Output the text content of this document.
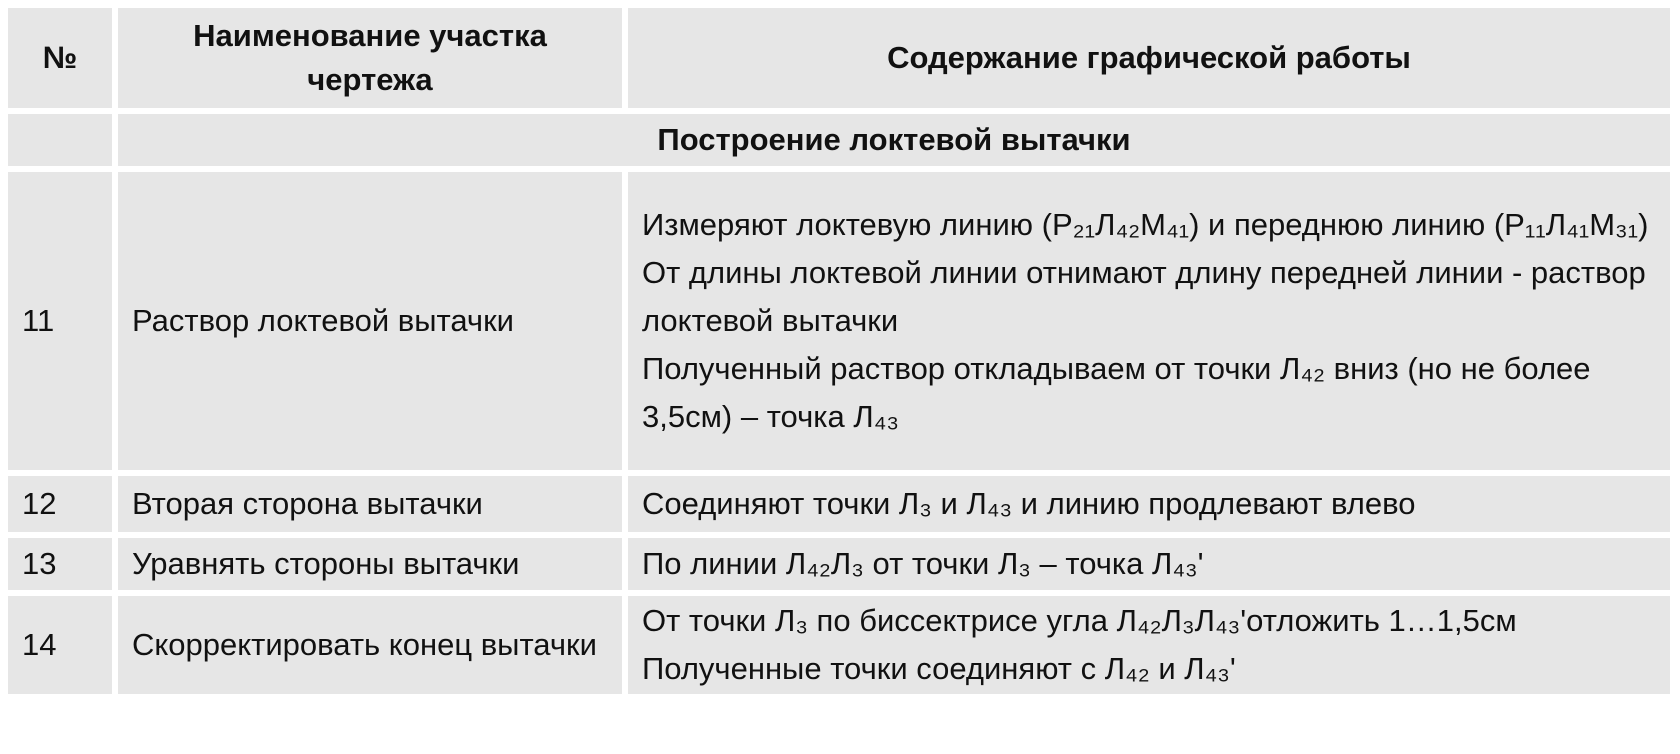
№	Наименование участка чертежа	Содержание графической работы
	Построение локтевой вытачки	
11	Раствор локтевой вытачки	Измеряют локтевую линию (Р₂₁Л₄₂М₄₁) и переднюю линию (Р₁₁Л₄₁М₃₁)
От длины локтевой линии отнимают длину передней линии - раствор локтевой вытачки
Полученный раствор откладываем от точки Л₄₂ вниз (но не более 3,5см) – точка Л₄₃

12	Вторая сторона вытачки	Соединяют точки Л₃ и Л₄₃ и линию продлевают влево

13	Уравнять стороны вытачки	По линии Л₄₂Л₃ от точки Л₃ – точка Л₄₃'

14	Скорректировать конец вытачки	От точки Л₃ по биссектрисе угла Л₄₂Л₃Л₄₃'отложить 1…1,5см
Полученные точки соединяют с Л₄₂ и Л₄₃'
